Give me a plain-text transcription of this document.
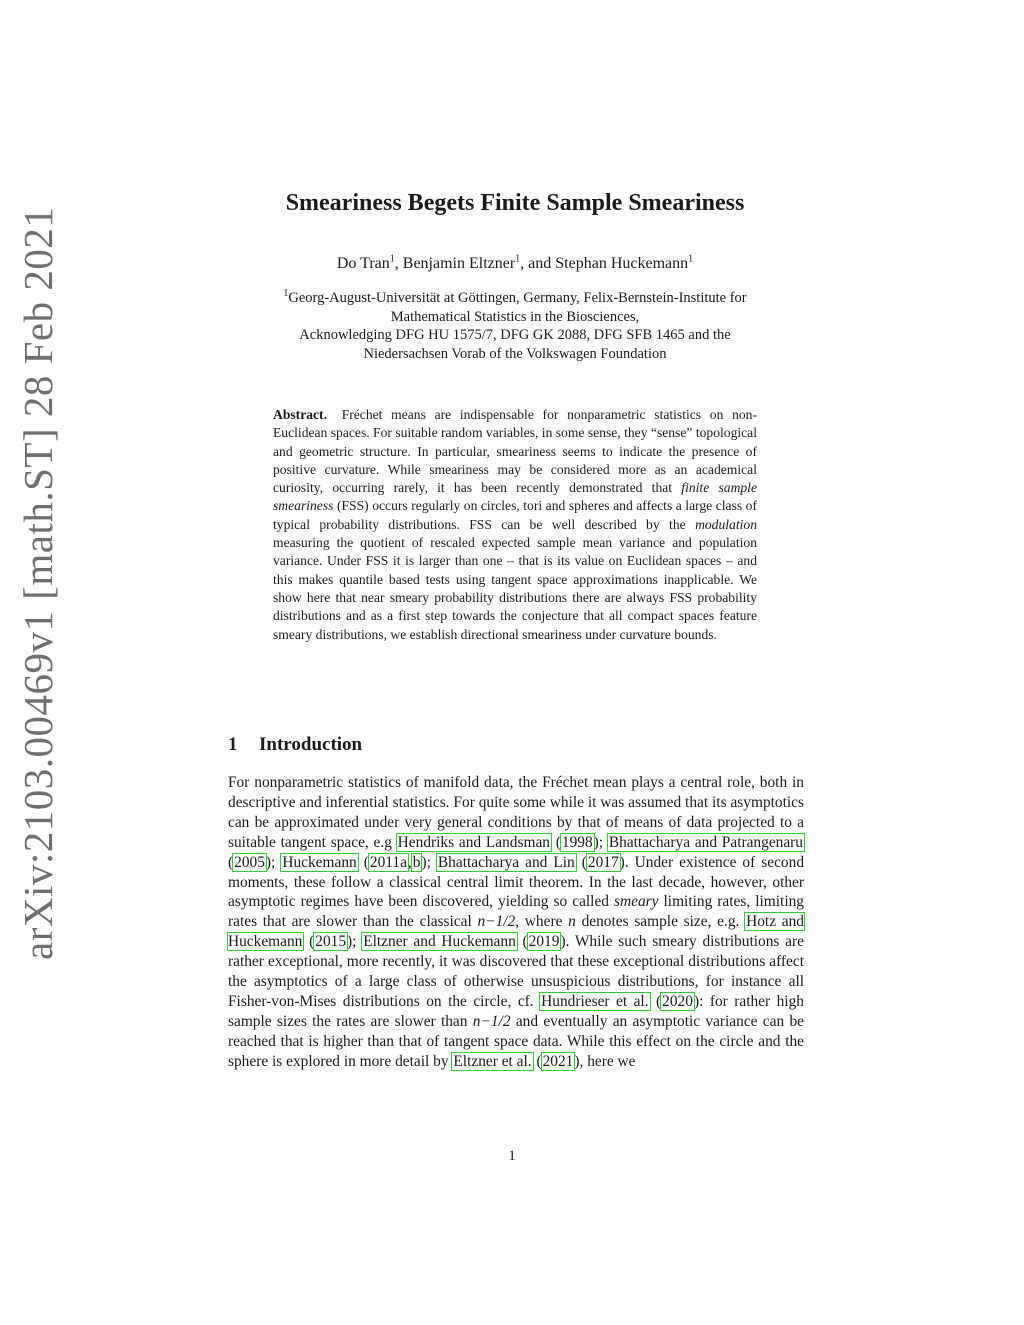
arXiv:2103.00469v1 [math.ST] 28 Feb 2021
Smeariness Begets Finite Sample Smeariness
Do Tran$^1$, Benjamin Eltzner$^1$, and Stephan Huckemann$^1$
$^1$Georg-August-Universität at Göttingen, Germany, Felix-Bernstein-Institute for
Mathematical Statistics in the Biosciences,
Acknowledging DFG HU 1575/7, DFG GK 2088, DFG SFB 1465 and the
Niedersachsen Vorab of the Volkswagen Foundation
Abstract. Fréchet means are indispensable for nonparametric statistics on non-Euclidean spaces. For suitable random variables, in some sense, they “sense” topological and geometric structure. In particular, smeariness seems to indicate the presence of positive curvature. While smeariness may be considered more as an academical curiosity, occurring rarely, it has been recently demonstrated that finite sample smeariness (FSS) occurs regularly on circles, tori and spheres and affects a large class of typical probability distributions. FSS can be well described by the modulation measuring the quotient of rescaled expected sample mean variance and population variance. Under FSS it is larger than one – that is its value on Euclidean spaces – and this makes quantile based tests using tangent space approximations inapplicable. We show here that near smeary probability distributions there are always FSS probability distributions and as a first step towards the conjecture that all compact spaces feature smeary distributions, we establish directional smeariness under curvature bounds.
1 Introduction
For nonparametric statistics of manifold data, the Fréchet mean plays a central role, both in descriptive and inferential statistics. For quite some while it was assumed that its asymptotics can be approximated under very general conditions by that of means of data projected to a suitable tangent space, e.g Hendriks and Landsman (1998); Bhattacharya and Patrangenaru (2005); Huckemann (2011a,b); Bhattacharya and Lin (2017). Under existence of second moments, these follow a classical central limit theorem. In the last decade, however, other asymptotic regimes have been discovered, yielding so called smeary limiting rates, limiting rates that are slower than the classical n−1/2, where n denotes sample size, e.g. Hotz and Huckemann (2015); Eltzner and Huckemann (2019). While such smeary distributions are rather exceptional, more recently, it was discovered that these exceptional distributions affect the asymptotics of a large class of otherwise unsuspicious distributions, for instance all Fisher-von-Mises distributions on the circle, cf. Hundrieser et al. (2020): for rather high sample sizes the rates are slower than n−1/2 and eventually an asymptotic variance can be reached that is higher than that of tangent space data. While this effect on the circle and the sphere is explored in more detail by Eltzner et al. (2021), here we
1
